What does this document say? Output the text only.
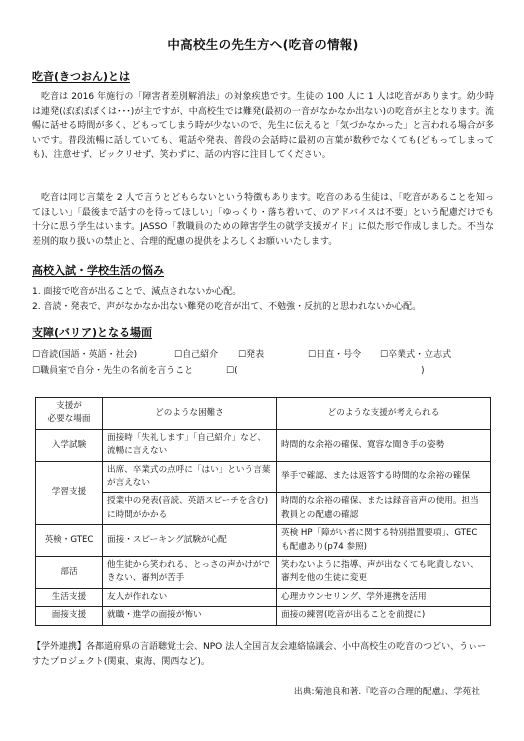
中高校生の先生方へ(吃音の情報)
吃音(きつおん)とは
吃音は 2016 年施行の「障害者差別解消法」の対象疾患です。生徒の 100 人に 1 人は吃音があります。幼少時は連発(ぼぼぼぼくは･･･)が主ですが、中高校生では難発(最初の一音がなかなか出ない)の吃音が主となります。流暢に話せる時間が多く、どもってしまう時が少ないので、先生に伝えると「気づかなかった」と言われる場合が多いです。普段流暢に話していても、電話や発表、普段の会話時に最初の言葉が数秒でなくても(どもってしまっても)、注意せず、ビックリせず、笑わずに、話の内容に注目してください。
吃音は同じ言葉を 2 人で言うとどもらないという特徴もあります。吃音のある生徒は、「吃音があることを知ってほしい」「最後まで話すのを待ってほしい」「ゆっくり・落ち着いて、のアドバイスは不要」という配慮だけでも十分に思う学生はいます。JASSO「教職員のための障害学生の就学支援ガイド」に似た形で作成しました。不当な差別的取り扱いの禁止と、合理的配慮の提供をよろしくお願いいたします。
高校入試・学校生活の悩み
1. 面接で吃音が出ることで、減点されないか心配。
2. 音読・発表で、声がなかなか出ない難発の吃音が出て、不勉強・反抗的と思われないか心配。
支障(バリア)となる場面
☐音読(国語・英語・社会)	☐自己紹介 ☐発表	☐日直・号令 ☐卒業式・立志式
☐職員室で自分・先生の名前を言うこと	☐(	)
支援が
必要な場面	どのような困難さ	どのような支援が考えられる
入学試験	面接時「失礼します」「自己紹介」など、流暢に言えない	時間的な余裕の確保、寛容な聞き手の姿勢
学習支援	出席、卒業式の点呼に「はい」という言葉が言えない	挙手で確認、または返答する時間的な余裕の確保
	授業中の発表(音読、英語スピーチを含む)に時間がかかる	時間的な余裕の確保、または録音音声の使用。担当教員との配慮の確認
英検・GTEC	面接・スピーキング試験が心配	英検 HP「障がい者に関する特別措置要項」、GTEC も配慮あり(p74 参照)
部活	他生徒から笑われる、とっさの声かけができない、審判が苦手	笑わないように指導、声が出なくても叱責しない、審判を他の生徒に変更
生活支援	友人が作れない	心理カウンセリング、学外連携を活用
面接支援	就職・進学の面接が怖い	面接の練習(吃音が出ることを前提に)
【学外連携】各都道府県の言語聴覚士会、NPO 法人全国言友会連絡協議会、小中高校生の吃音のつどい、うぃーすたプロジェクト(関東、東海、関西など)。
出典:菊池良和著.『吃音の合理的配慮』、学苑社
